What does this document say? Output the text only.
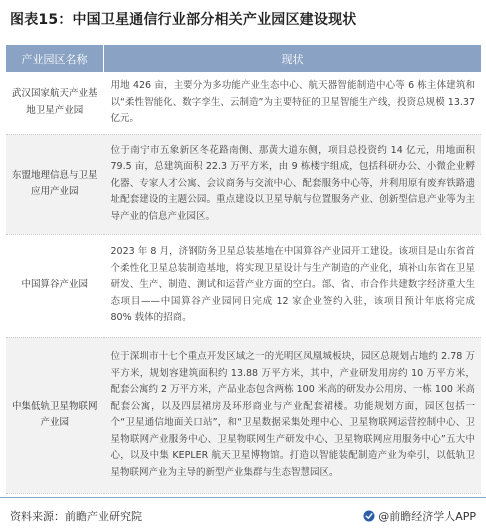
图表15：中国卫星通信行业部分相关产业园区建设现状
产业园区名称	现状
武汉国家航天产业基地卫星产业园	用地 426 亩，主要分为多功能产业生态中心、航天器智能制造中心等 6 栋主体建筑和以“柔性智能化、数字孪生、云制造”为主要特征的卫星智能生产线，投资总规模 13.37 亿元。
东盟地理信息与卫星应用产业园	位于南宁市五象新区冬花路南侧、那黄大道东侧，项目总投资约 14 亿元，用地面积 79.5 亩，总建筑面积 22.3 万平方米，由 9 栋楼宇组成，包括科研办公、小微企业孵化器、专家人才公寓、会议商务与交流中心、配套服务中心等，并利用原有废弃铁路遗址配套建设的主题公园。重点建设以卫星导航与位置服务产业、创新型信息产业等为主导产业的信息产业园区。
中国算谷产业园	2023 年 8 月，济钢防务卫星总装基地在中国算谷产业园开工建设。该项目是山东省首个柔性化卫星总装制造基地，将实现卫星设计与生产制造的产业化，填补山东省在卫星研发、生产、制造、测试和运营产业方面的空白。部、省、市合作共建数字经济重大生态项目——中国算谷产业园同日完成 12 家企业签约入驻，该项目预计年底将完成 80% 载体的招商。
中集低轨卫星物联网产业园	位于深圳市十七个重点开发区域之一的光明区凤凰城板块，园区总规划占地约 2.78 万平方米，规划容建筑面积约 13.88 万平方米，其中，产业研发用房约 10 万平方米，配套公寓约 2 万平方米，产品业态包含两栋 100 米高的研发办公用房、一栋 100 米高配套公寓，以及四层裙房及环形商业与产业配套裙楼。功能规划方面，园区包括一个“卫星通信地面关口站”，和“卫星数据采集处理中心、卫星物联网运营控制中心、卫星物联网产业服务中心、卫星物联网生产研发中心、卫星物联网应用服务中心”五大中心，以及中集 KEPLER 航天卫星博物馆。打造以智能装配制造产业为牵引，以低轨卫星物联网产业为主导的新型产业集群与生态智慧园区。
资料来源：前瞻产业研究院	@前瞻经济学人APP
